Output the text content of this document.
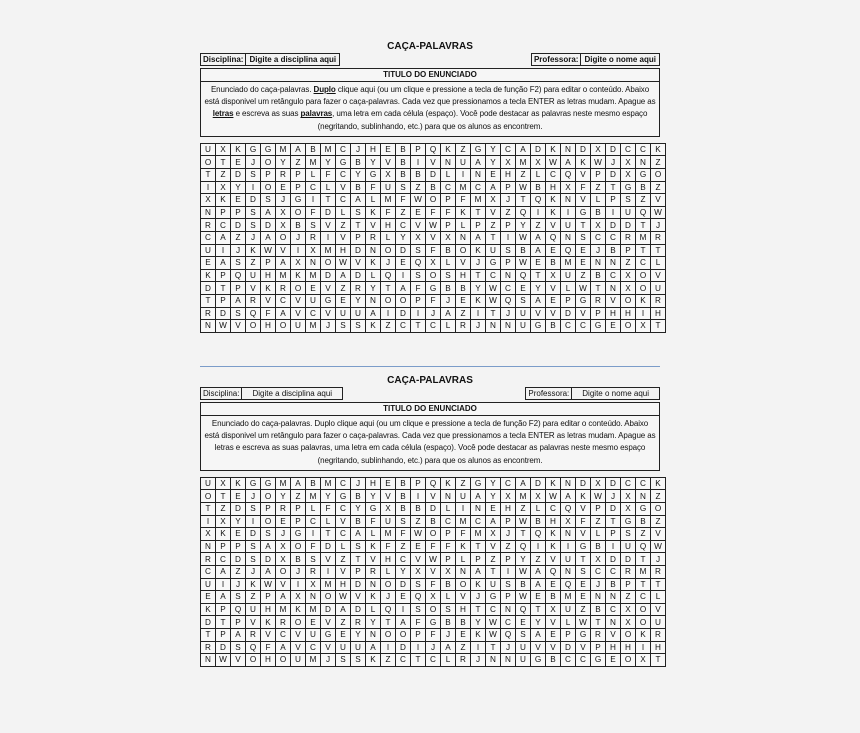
CAÇA-PALAVRAS
Disciplina: Digite a disciplina aqui	Professora: Digite o nome aqui
TITULO DO ENUNCIADO
Enunciado do caça-palavras. Duplo clique aqui (ou um clique e pressione a tecla de função F2) para editar o conteúdo. Abaixo está disponivel um retângulo para fazer o caça-palavras. Cada vez que pressionamos a tecla ENTER as letras mudam. Apague as letras e escreva as suas palavras, uma letra em cada célula (espaço). Você pode destacar as palavras neste mesmo espaço (negritando, sublinhando, etc.) para que os alunos as encontrem.
U	X	K	G	G	M	A	B	M	C	J	H	E	B	P	Q	K	Z	G	Y	C	A	D	K	N	D	X	D	C	C	K
O	T	E	J	O	Y	Z	M	Y	G	B	Y	V	B	I	V	N	U	A	Y	X	M	X	W	A	K	W	J	X	N	Z
T	Z	D	S	P	R	P	L	F	C	Y	G	X	B	B	D	L	I	N	E	H	Z	L	C	Q	V	P	D	X	G	O
I	X	Y	I	O	E	P	C	L	V	B	F	U	S	Z	B	C	M	C	A	P	W	B	H	X	F	Z	T	G	B	Z
X	K	E	D	S	J	G	I	T	C	A	L	M	F	W	O	P	F	M	X	J	T	Q	K	N	V	L	P	S	Z	V
N	P	P	S	A	X	O	F	D	L	S	K	F	Z	E	F	F	K	T	V	Z	Q	I	K	I	G	B	I	U	Q	W
R	C	D	S	D	X	B	S	V	Z	T	V	H	C	V	W	P	L	P	Z	P	Y	Z	V	U	T	X	D	D	T	J
C	A	Z	J	A	O	J	R	I	V	P	R	L	Y	X	V	X	N	A	T	I	W	A	Q	N	S	C	C	R	M	R
U	I	J	K	W	V	I	X	M	H	D	N	O	D	S	F	B	O	K	U	S	B	A	E	Q	E	J	B	P	T	T
E	A	S	Z	P	A	X	N	O	W	V	K	J	E	Q	X	L	V	J	G	P	W	E	B	M	E	N	N	Z	C	L
K	P	Q	U	H	M	K	M	D	A	D	L	Q	I	S	O	S	H	T	C	N	Q	T	X	U	Z	B	C	X	O	V
D	T	P	V	K	R	O	E	V	Z	R	Y	T	A	F	G	B	B	Y	W	C	E	Y	V	L	W	T	N	X	O	U
T	P	A	R	V	C	V	U	G	E	Y	N	O	O	P	F	J	E	K	W	Q	S	A	E	P	G	R	V	O	K	R
R	D	S	Q	F	A	V	C	V	U	U	A	I	D	I	J	A	Z	I	T	J	U	V	V	D	V	P	H	H	I	H
N	W	V	O	H	O	U	M	J	S	S	K	Z	C	T	C	L	R	J	N	N	U	G	B	C	C	G	E	O	X	T
CAÇA-PALAVRAS
Disciplina:	Digite a disciplina aqui	Professora:	Digite o nome aqui
TITULO DO ENUNCIADO
Enunciado do caça-palavras. Duplo clique aqui (ou um clique e pressione a tecla de função F2) para editar o conteúdo. Abaixo está disponivel um retângulo para fazer o caça-palavras. Cada vez que pressionamos a tecla ENTER as letras mudam. Apague as letras e escreva as suas palavras, uma letra em cada célula (espaço). Você pode destacar as palavras neste mesmo espaço (negritando, sublinhando, etc.) para que os alunos as encontrem.
U	X	K	G	G	M	A	B	M	C	J	H	E	B	P	Q	K	Z	G	Y	C	A	D	K	N	D	X	D	C	C	K
O	T	E	J	O	Y	Z	M	Y	G	B	Y	V	B	I	V	N	U	A	Y	X	M	X	W	A	K	W	J	X	N	Z
T	Z	D	S	P	R	P	L	F	C	Y	G	X	B	B	D	L	I	N	E	H	Z	L	C	Q	V	P	D	X	G	O
I	X	Y	I	O	E	P	C	L	V	B	F	U	S	Z	B	C	M	C	A	P	W	B	H	X	F	Z	T	G	B	Z
X	K	E	D	S	J	G	I	T	C	A	L	M	F	W	O	P	F	M	X	J	T	Q	K	N	V	L	P	S	Z	V
N	P	P	S	A	X	O	F	D	L	S	K	F	Z	E	F	F	K	T	V	Z	Q	I	K	I	G	B	I	U	Q	W
R	C	D	S	D	X	B	S	V	Z	T	V	H	C	V	W	P	L	P	Z	P	Y	Z	V	U	T	X	D	D	T	J
C	A	Z	J	A	O	J	R	I	V	P	R	L	Y	X	V	X	N	A	T	I	W	A	Q	N	S	C	C	R	M	R
U	I	J	K	W	V	I	X	M	H	D	N	O	D	S	F	B	O	K	U	S	B	A	E	Q	E	J	B	P	T	T
E	A	S	Z	P	A	X	N	O	W	V	K	J	E	Q	X	L	V	J	G	P	W	E	B	M	E	N	N	Z	C	L
K	P	Q	U	H	M	K	M	D	A	D	L	Q	I	S	O	S	H	T	C	N	Q	T	X	U	Z	B	C	X	O	V
D	T	P	V	K	R	O	E	V	Z	R	Y	T	A	F	G	B	B	Y	W	C	E	Y	V	L	W	T	N	X	O	U
T	P	A	R	V	C	V	U	G	E	Y	N	O	O	P	F	J	E	K	W	Q	S	A	E	P	G	R	V	O	K	R
R	D	S	Q	F	A	V	C	V	U	U	A	I	D	I	J	A	Z	I	T	J	U	V	V	D	V	P	H	H	I	H
N	W	V	O	H	O	U	M	J	S	S	K	Z	C	T	C	L	R	J	N	N	U	G	B	C	C	G	E	O	X	T
